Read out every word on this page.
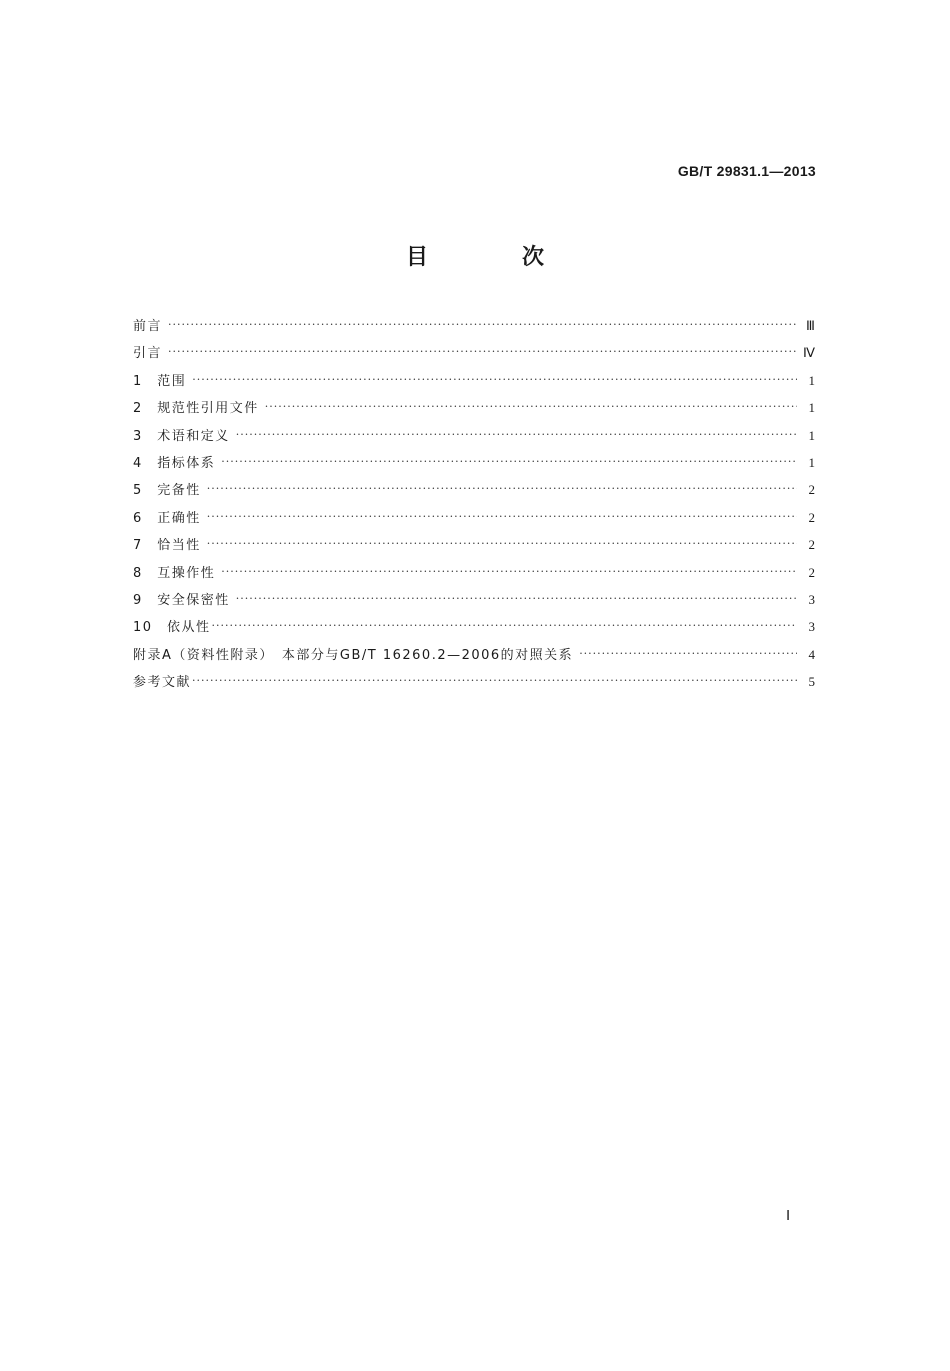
GB/T 29831.1—2013
目　次
前言 ·····	Ⅲ
引言 ·····	Ⅳ
1　范围 ·····	1
2　规范性引用文件 ·····	1
3　术语和定义 ·····	1
4　指标体系 ·····	1
5　完备性 ·····	2
6　正确性 ·····	2
7　恰当性 ·····	2
8　互操作性 ·····	2
9　安全保密性 ·····	3
10　依从性 ·····	3
附录A（资料性附录）　本部分与GB/T 16260.2—2006的对照关系 ·····	4
参考文献 ·····	5
Ⅰ
